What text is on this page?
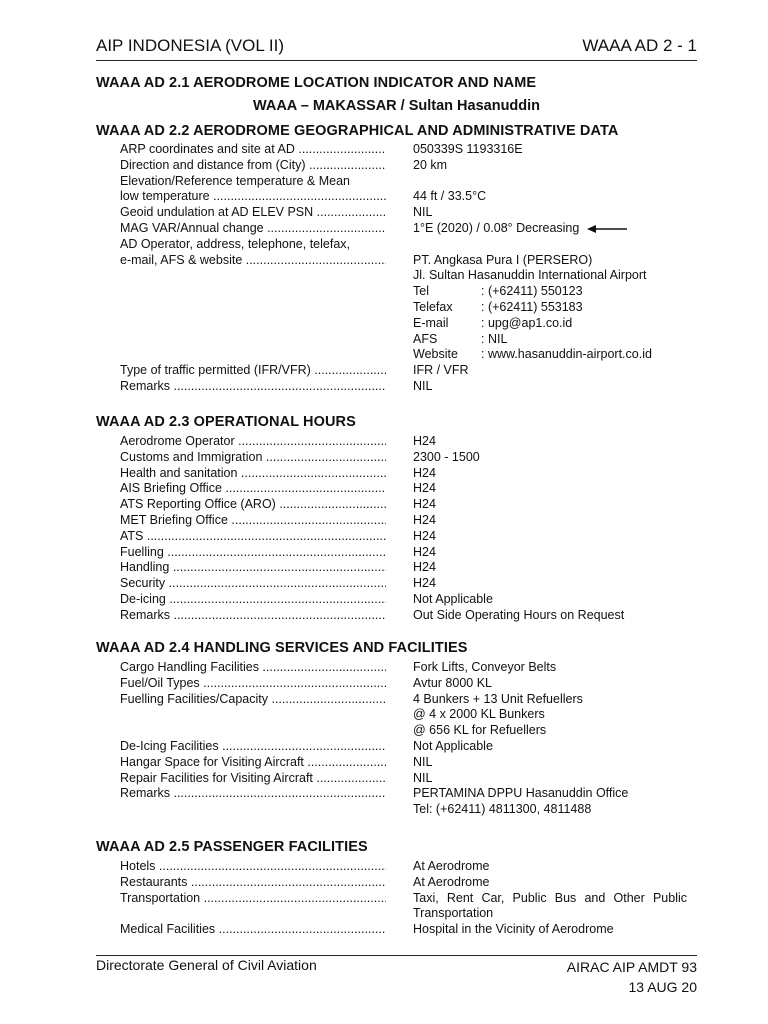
AIP INDONESIA (VOL II)	WAAA AD 2 - 1
WAAA AD 2.1 AERODROME LOCATION INDICATOR AND NAME
WAAA – MAKASSAR / Sultan Hasanuddin
WAAA AD 2.2 AERODROME GEOGRAPHICAL AND ADMINISTRATIVE DATA
ARP coordinates and site at AD .....	050339S 1193316E
Direction and distance from (City) .....	20 km
Elevation/Reference temperature & Mean
low temperature .....	44 ft / 33.5°C
Geoid undulation at AD ELEV PSN .....	NIL
MAG VAR/Annual change .....	1°E (2020) / 0.08° Decreasing
AD Operator, address, telephone, telefax,
e-mail, AFS & website .....	PT. Angkasa Pura I (PERSERO)
Jl. Sultan Hasanuddin International Airport
Tel	: (+62411) 550123
Telefax : (+62411) 553183
E-mail	: upg@ap1.co.id
AFS	: NIL
Website : www.hasanuddin-airport.co.id
Type of traffic permitted (IFR/VFR) .....	IFR / VFR
Remarks .....	NIL
WAAA AD 2.3 OPERATIONAL HOURS
Aerodrome Operator .....	H24
Customs and Immigration .....	2300 - 1500
Health and sanitation .....	H24
AIS Briefing Office .....	H24
ATS Reporting Office (ARO) .....	H24
MET Briefing Office .....	H24
ATS .....	H24
Fuelling .....	H24
Handling .....	H24
Security .....	H24
De-icing .....	Not Applicable
Remarks .....	Out Side Operating Hours on Request
WAAA AD 2.4 HANDLING SERVICES AND FACILITIES
Cargo Handling Facilities .....	Fork Lifts, Conveyor Belts
Fuel/Oil Types .....	Avtur 8000 KL
Fuelling Facilities/Capacity .....	4 Bunkers + 13 Unit Refuellers
@ 4 x 2000 KL Bunkers
@ 656 KL for Refuellers
De-Icing Facilities .....	Not Applicable
Hangar Space for Visiting Aircraft .....	NIL
Repair Facilities for Visiting Aircraft .....	NIL
Remarks .....	PERTAMINA DPPU Hasanuddin Office
Tel: (+62411) 4811300, 4811488
WAAA AD 2.5 PASSENGER FACILITIES
Hotels .....	At Aerodrome
Restaurants .....	At Aerodrome
Transportation .....	Taxi, Rent Car, Public Bus and Other Public
Transportation
Medical Facilities .....	Hospital in the Vicinity of Aerodrome
Directorate General of Civil Aviation	AIRAC AIP AMDT 93
13 AUG 20
